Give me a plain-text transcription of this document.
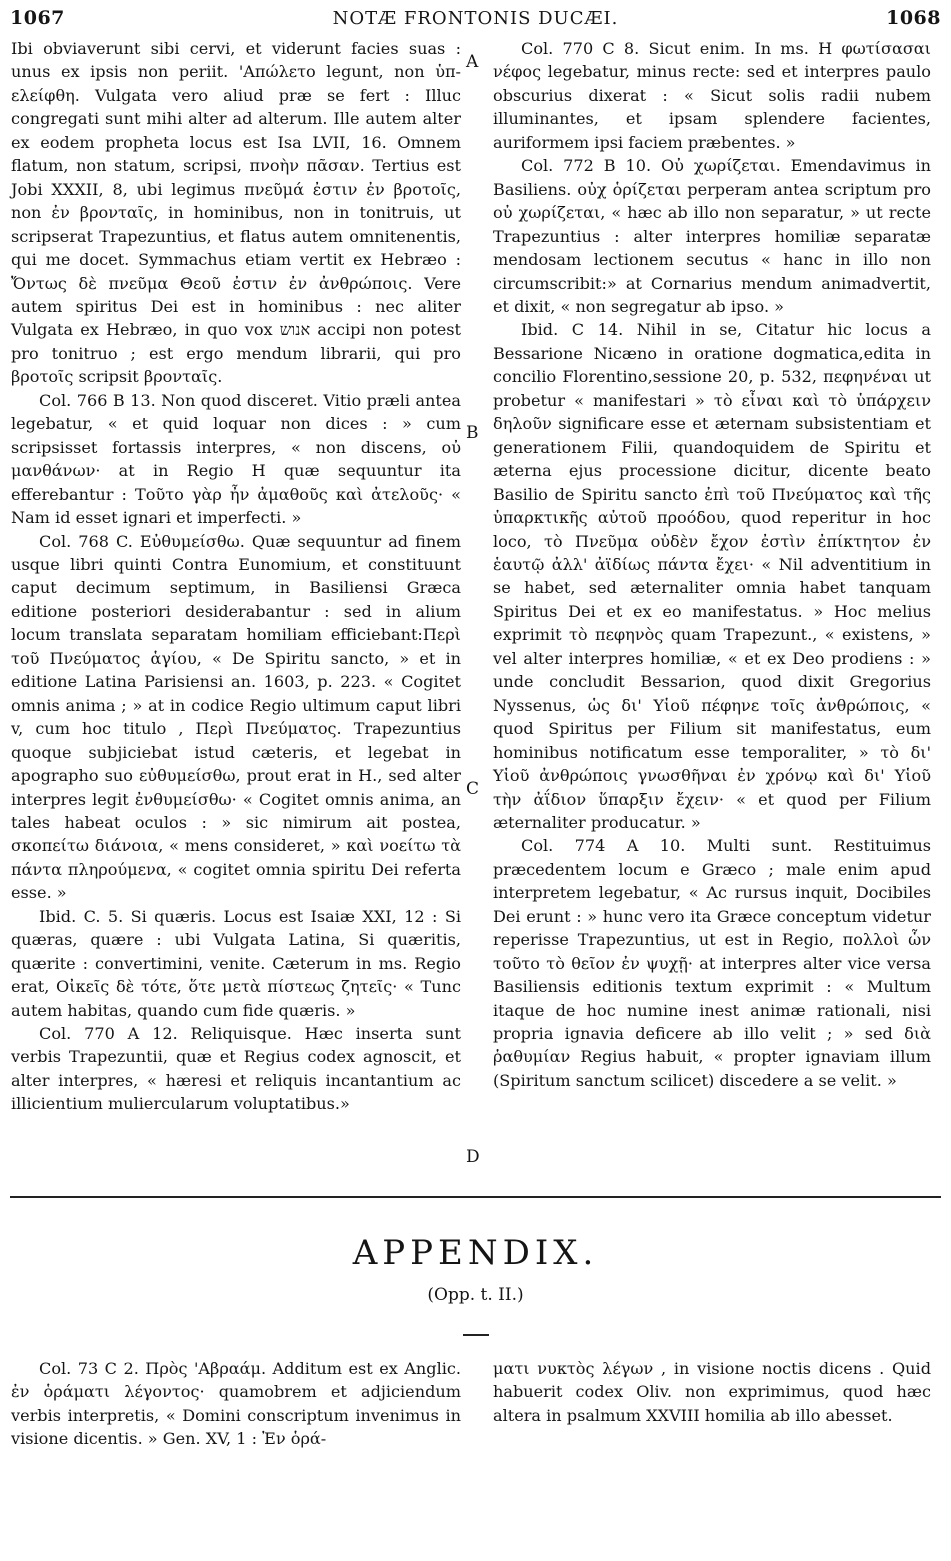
1067	NOTÆ FRONTONIS DUCÆI.	1068

Ibi obviaverunt sibi cervi, et viderunt facies suas : unus ex ipsis non periit. 'Απώλετο legunt, non ὑπ-ελείφθη. Vulgata vero aliud præ se fert : Illuc congregati sunt mihi alter ad alterum. Ille autem alter ex eodem propheta locus est Isa LVII, 16. Omnem flatum, non statum, scripsi, πνοὴν πᾶσαν. Tertius est Jobi XXXII, 8, ubi legimus πνεῦμά ἐστιν ἐν βροτοῖς, non ἐν βρονταῖς, in hominibus, non in tonitruis, ut scripserat Trapezuntius, et flatus autem omnitenentis, qui me docet. Symmachus etiam vertit ex Hebræo : Ὄντως δὲ πνεῦμα Θεοῦ ἐστιν ἐν ἀνθρώποις. Vere autem spiritus Dei est in hominibus : nec aliter Vulgata ex Hebræo, in quo vox אנוש accipi non potest pro tonitruo ; est ergo mendum librarii, qui pro βροτοῖς scripsit βρονταῖς.

Col. 766 B 13. Non quod disceret. Vitio præli antea legebatur, « et quid loquar non dices : » cum scripsisset fortassis interpres, « non discens, οὐ μανθάνων· at in Regio H quæ sequuntur ita efferebantur : Τοῦτο γὰρ ἦν ἀμαθοῦς καὶ ἀτελοῦς· « Nam id esset ignari et imperfecti. »

Col. 768 C. Εὐθυμείσθω. Quæ sequuntur ad finem usque libri quinti Contra Eunomium, et constituunt caput decimum septimum, in Basiliensi Græca editione posteriori desiderabantur : sed in alium locum translata separatam homiliam efficiebant:Περὶ τοῦ Πνεύματος ἁγίου, « De Spiritu sancto, » et in editione Latina Parisiensi an. 1603, p. 223. « Cogitet omnis anima ; » at in codice Regio ultimum caput libri v, cum hoc titulo , Περὶ Πνεύματος. Trapezuntius quoque subjiciebat istud cæteris, et legebat in apographo suo εὐθυμείσθω, prout erat in H., sed alter interpres legit ἐνθυμείσθω· « Cogitet omnis anima, an tales habeat oculos : » sic nimirum ait postea, σκοπείτω διάνοια, « mens consideret, » καὶ νοείτω τὰ πάντα πληρούμενα, « cogitet omnia spiritu Dei referta esse. »

Ibid. C. 5. Si quæris. Locus est Isaiæ XXI, 12 : Si quæras, quære : ubi Vulgata Latina, Si quæritis, quærite : convertimini, venite. Cæterum in ms. Regio erat, Οἰκεῖς δὲ τότε, ὅτε μετὰ πίστεως ζητεῖς· « Tunc autem habitas, quando cum fide quæris. »

Col. 770 A 12. Reliquisque. Hæc inserta sunt verbis Trapezuntii, quæ et Regius codex agnoscit, et alter interpres, « hæresi et reliquis incantantium ac illicientium muliercularum voluptatibus.»

A
B
C
D

Col. 770 C 8. Sicut enim. In ms. H φωτίσασαι νέφος legebatur, minus recte: sed et interpres paulo obscurius dixerat : « Sicut solis radii nubem illuminantes, et ipsam splendere facientes, auriformem ipsi faciem præbentes. »

Col. 772 B 10. Οὐ χωρίζεται. Emendavimus in Basiliens. οὐχ ὁρίζεται perperam antea scriptum pro οὐ χωρίζεται, « hæc ab illo non separatur, » ut recte Trapezuntius : alter interpres homiliæ separatæ mendosam lectionem secutus « hanc in illo non circumscribit:» at Cornarius mendum animadvertit, et dixit, « non segregatur ab ipso. »

Ibid. C 14. Nihil in se, Citatur hic locus a Bessarione Nicæno in oratione dogmatica,edita in concilio Florentino,sessione 20, p. 532, πεφηνέναι ut probetur « manifestari » τὸ εἶναι καὶ τὸ ὑπάρχειν δηλοῦν significare esse et æternam subsistentiam et generationem Filii, quandoquidem de Spiritu et æterna ejus processione dicitur, dicente beato Basilio de Spiritu sancto ἐπὶ τοῦ Πνεύματος καὶ τῆς ὑπαρκτικῆς αὐτοῦ προόδου, quod reperitur in hoc loco, τὸ Πνεῦμα οὐδὲν ἔχον ἐστὶν ἐπίκτητον ἐν ἑαυτῷ ἀλλ' ἀϊδίως πάντα ἔχει· « Nil adventitium in se habet, sed æternaliter omnia habet tanquam Spiritus Dei et ex eo manifestatus. » Hoc melius exprimit τὸ πεφηνὸς quam Trapezunt., « existens, » vel alter interpres homiliæ, « et ex Deo prodiens : » unde concludit Bessarion, quod dixit Gregorius Nyssenus, ὡς δι' Υἱοῦ πέφηνε τοῖς ἀνθρώποις, « quod Spiritus per Filium sit manifestatus, eum hominibus notificatum esse temporaliter, » τὸ δι' Υἱοῦ ἀνθρώποις γνωσθῆναι ἐν χρόνῳ καὶ δι' Υἱοῦ τὴν ἀΐδιον ὕπαρξιν ἔχειν· « et quod per Filium æternaliter producatur. »

Col. 774 A 10. Multi sunt. Restituimus præcedentem locum e Græco ; male enim apud interpretem legebatur, « Ac rursus inquit, Docibiles Dei erunt : » hunc vero ita Græce conceptum videtur reperisse Trapezuntius, ut est in Regio, πολλοὶ ὧν τοῦτο τὸ θεῖον ἐν ψυχῇ· at interpres alter vice versa Basiliensis editionis textum exprimit : « Multum itaque de hoc numine inest animæ rationali, nisi propria ignavia deficere ab illo velit ; » sed διὰ ῥαθυμίαν Regius habuit, « propter ignaviam illum (Spiritum sanctum scilicet) discedere a se velit. »

APPENDIX.
(Opp. t. II.)

Col. 73 C 2. Πρὸς 'Αβραάμ. Additum est ex Anglic. ἐν ὁράματι λέγοντος· quamobrem et adjiciendum verbis interpretis, « Domini conscriptum invenimus in visione dicentis. » Gen. XV, 1 : Ἐν ὁρά-

ματι νυκτὸς λέγων , in visione noctis dicens . Quid habuerit codex Oliv. non exprimimus, quod hæc altera in psalmum XXVIII homilia ab illo abesset.
